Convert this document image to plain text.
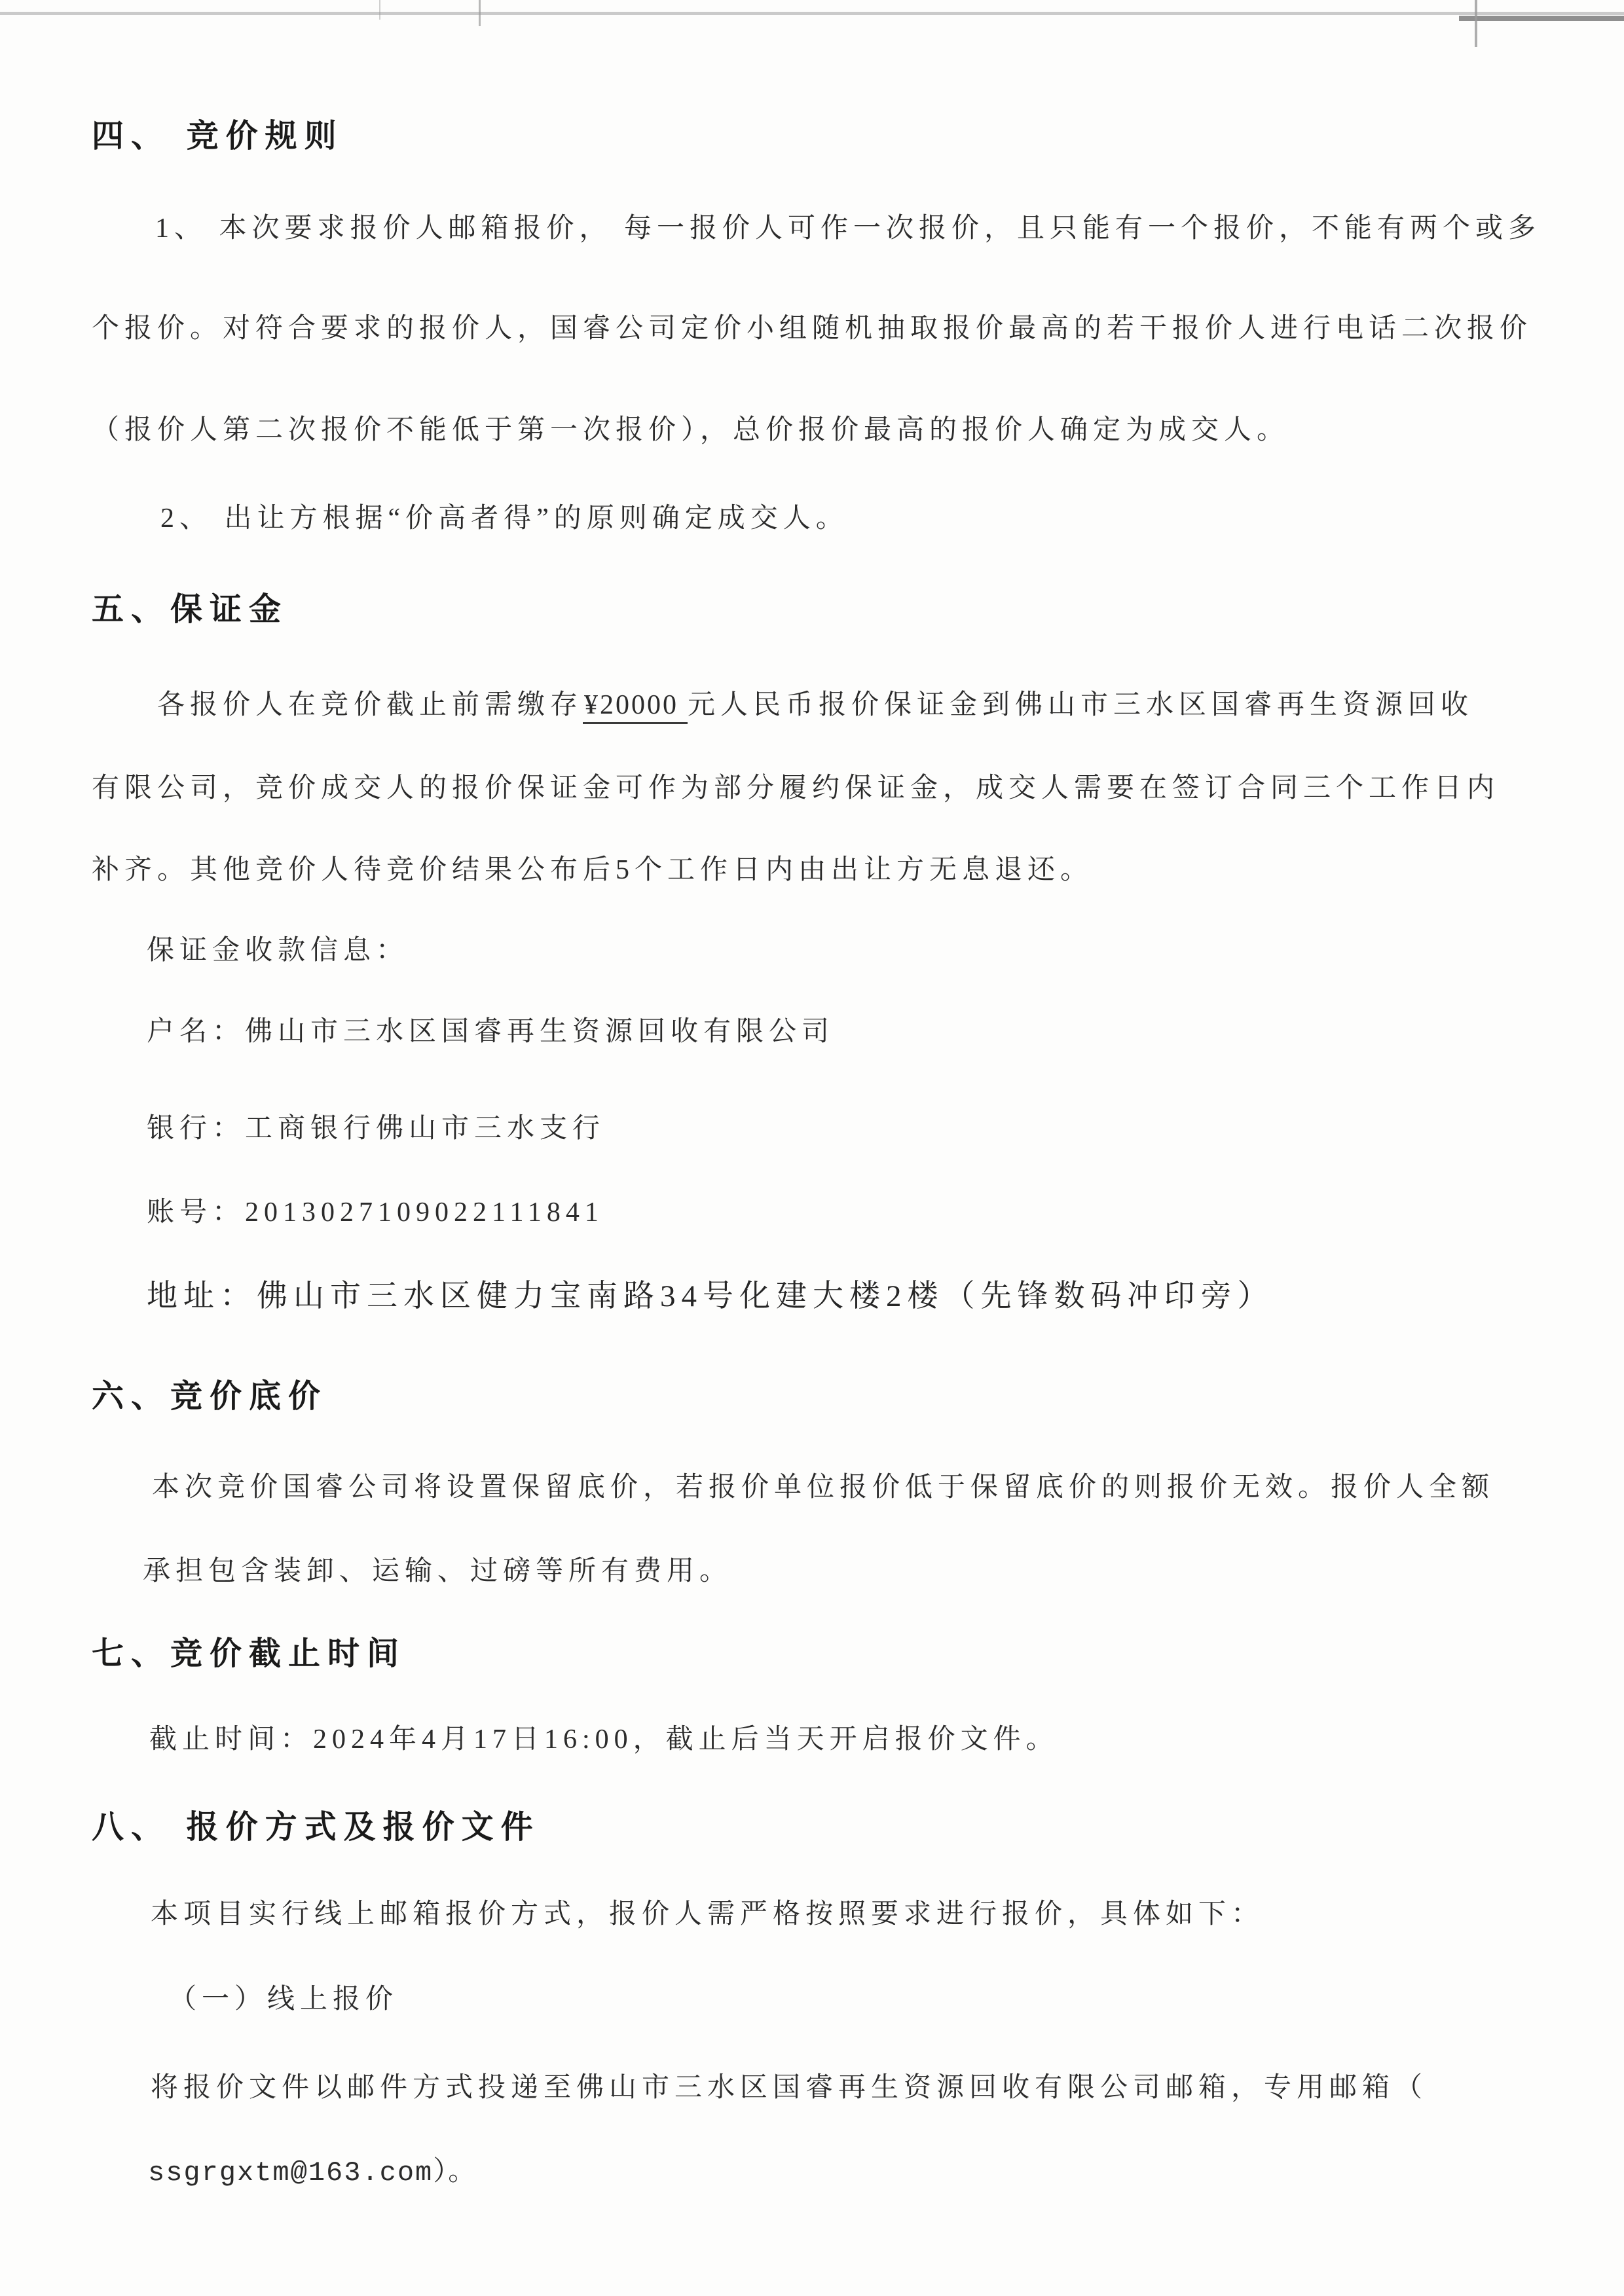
四、 竞价规则
1、 本次要求报价人邮箱报价， 每一报价人可作一次报价，且只能有一个报价，不能有两个或多
个报价。对符合要求的报价人，国睿公司定价小组随机抽取报价最高的若干报价人进行电话二次报价
（报价人第二次报价不能低于第一次报价），总价报价最高的报价人确定为成交人。
2、 出让方根据“价高者得”的原则确定成交人。
五、保证金
各报价人在竞价截止前需缴存¥20000 元人民币报价保证金到佛山市三水区国睿再生资源回收
有限公司，竞价成交人的报价保证金可作为部分履约保证金，成交人需要在签订合同三个工作日内
补齐。其他竞价人待竞价结果公布后5个工作日内由出让方无息退还。
保证金收款信息：
户名：佛山市三水区国睿再生资源回收有限公司
银行：工商银行佛山市三水支行
账号：2013027109022111841
地址：佛山市三水区健力宝南路34号化建大楼2楼（先锋数码冲印旁）
六、竞价底价
本次竞价国睿公司将设置保留底价，若报价单位报价低于保留底价的则报价无效。报价人全额
承担包含装卸、运输、过磅等所有费用。
七、竞价截止时间
截止时间：2024年4月17日16:00，截止后当天开启报价文件。
八、 报价方式及报价文件
本项目实行线上邮箱报价方式，报价人需严格按照要求进行报价，具体如下：
（一）线上报价
将报价文件以邮件方式投递至佛山市三水区国睿再生资源回收有限公司邮箱，专用邮箱（
ssgrgxtm@163.com）。
